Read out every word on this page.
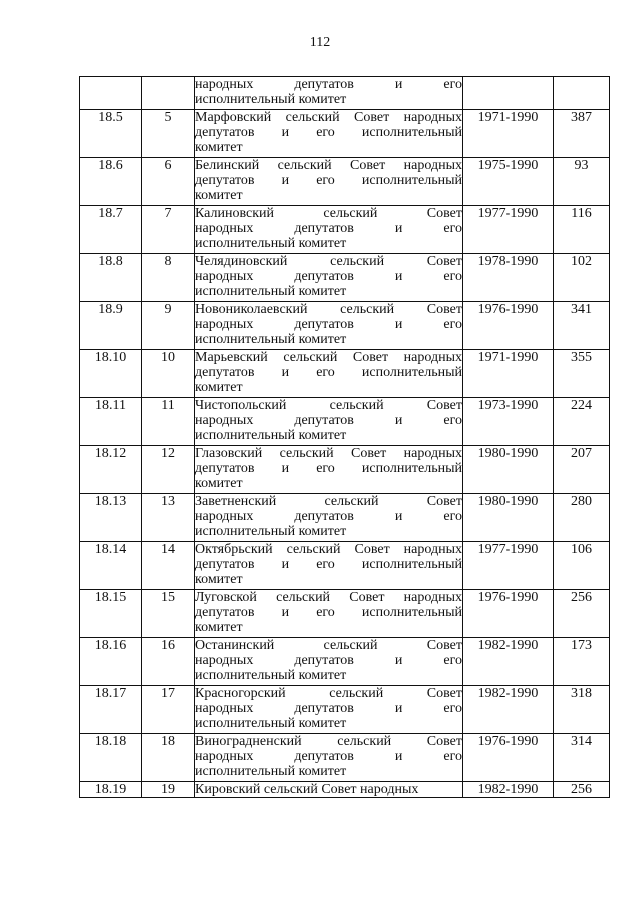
112

		народных депутатов и его
исполнительный комитет		

18.5	5	Марфовский сельский Совет народных
депутатов и его исполнительный
комитет	1971-1990	387
18.6	6	Белинский сельский Совет народных
депутатов и его исполнительный
комитет	1975-1990	93
18.7	7	Калиновский сельский Совет
народных депутатов и его
исполнительный комитет	1977-1990	116
18.8	8	Челядиновский сельский Совет
народных депутатов и его
исполнительный комитет	1978-1990	102
18.9	9	Новониколаевский сельский Совет
народных депутатов и его
исполнительный комитет	1976-1990	341
18.10	10	Марьевский сельский Совет народных
депутатов и его исполнительный
комитет	1971-1990	355
18.11	11	Чистопольский сельский Совет
народных депутатов и его
исполнительный комитет	1973-1990	224
18.12	12	Глазовский сельский Совет народных
депутатов и его исполнительный
комитет	1980-1990	207
18.13	13	Заветненский сельский Совет
народных депутатов и его
исполнительный комитет	1980-1990	280
18.14	14	Октябрьский сельский Совет народных
депутатов и его исполнительный
комитет	1977-1990	106
18.15	15	Луговской сельский Совет народных
депутатов и его исполнительный
комитет	1976-1990	256
18.16	16	Останинский сельский Совет
народных депутатов и его
исполнительный комитет	1982-1990	173
18.17	17	Красногорский сельский Совет
народных депутатов и его
исполнительный комитет	1982-1990	318
18.18	18	Виноградненский сельский Совет
народных депутатов и его
исполнительный комитет	1976-1990	314
18.19	19	Кировский сельский Совет народных	1982-1990	256
